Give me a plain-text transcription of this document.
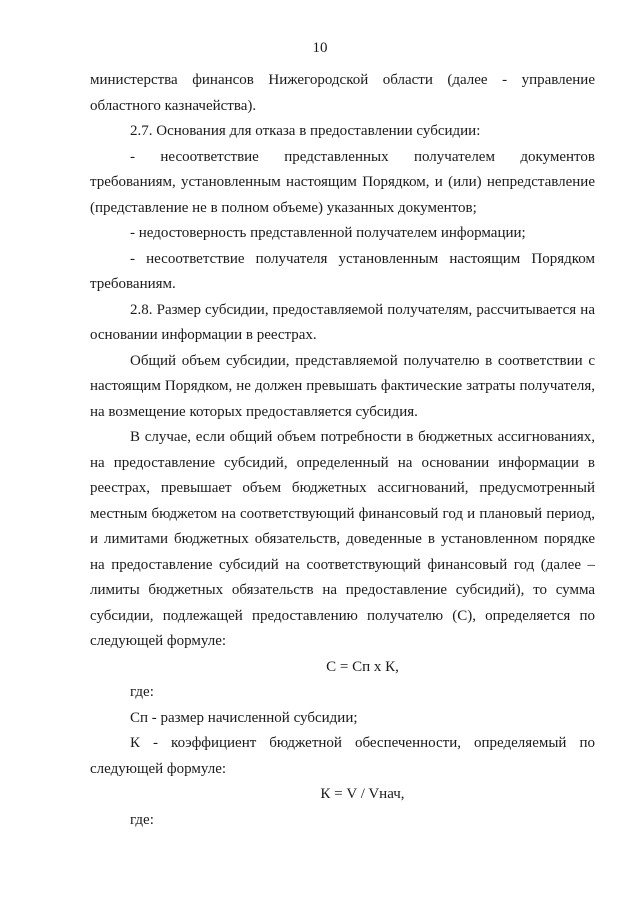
10

министерства финансов Нижегородской области (далее - управление областного казначейства).

2.7. Основания для отказа в предоставлении субсидии:

- несоответствие представленных получателем документов требованиям, установленным настоящим Порядком, и (или) непредставление (представление не в полном объеме) указанных документов;

- недостоверность представленной получателем информации;

- несоответствие получателя установленным настоящим Порядком требованиям.

2.8. Размер субсидии, предоставляемой получателям, рассчитывается на основании информации в реестрах.

Общий объем субсидии, представляемой получателю в соответствии с настоящим Порядком, не должен превышать фактические затраты получателя, на возмещение которых предоставляется субсидия.

В случае, если общий объем потребности в бюджетных ассигнованиях, на предоставление субсидий, определенный на основании информации в реестрах, превышает объем бюджетных ассигнований, предусмотренный местным бюджетом на соответствующий финансовый год и плановый период, и лимитами бюджетных обязательств, доведенные в установленном порядке на предоставление субсидий на соответствующий финансовый год (далее – лимиты бюджетных обязательств на предоставление субсидий), то сумма субсидии, подлежащей предоставлению получателю (С), определяется по следующей формуле:

С = Сп х К,

где:

Сп - размер начисленной субсидии;

К - коэффициент бюджетной обеспеченности, определяемый по следующей формуле:

К = V / Vнач,

где:
